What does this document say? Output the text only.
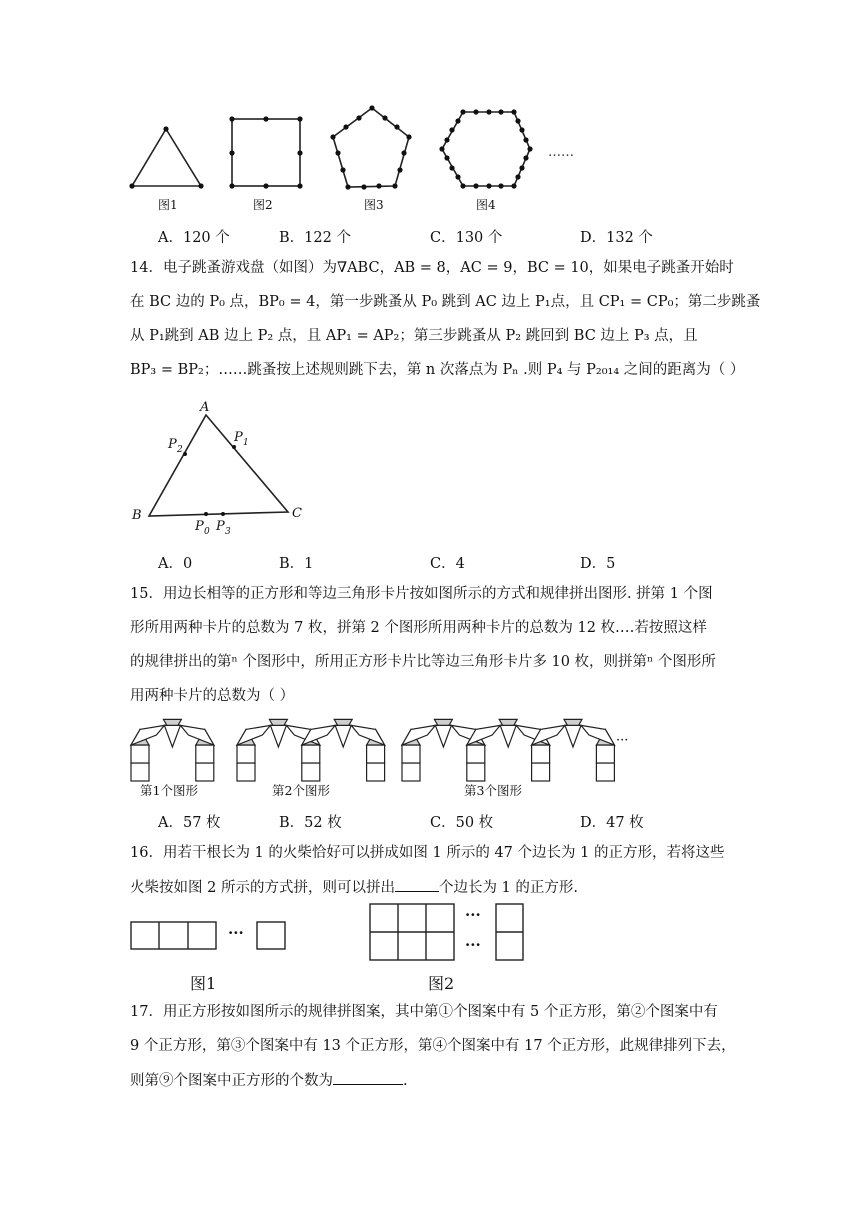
……
图1	图2	图3	图4
A．120 个	B．122 个	C．130 个	D．132 个
14．电子跳蚤游戏盘（如图）为∇ABC，AB = 8，AC = 9，BC = 10，如果电子跳蚤开始时
在 BC 边的 P₀ 点，BP₀ = 4，第一步跳蚤从 P₀ 跳到 AC 边上 P₁点，且 CP₁ = CP₀；第二步跳蚤
从 P₁跳到 AB 边上 P₂ 点，且 AP₁ = AP₂；第三步跳蚤从 P₂ 跳回到 BC 边上 P₃ 点，且
BP₃ = BP₂；……跳蚤按上述规则跳下去，第 n 次落点为 Pₙ .则 P₄ 与 P₂₀₁₄ 之间的距离为（ ）
A
B	C
P 2
P 1
P 0 P 3
A．0	B．1	C．4	D．5
15．用边长相等的正方形和等边三角形卡片按如图所示的方式和规律拼出图形. 拼第 1 个图
形所用两种卡片的总数为 7 枚，拼第 2 个图形所用两种卡片的总数为 12 枚‥‥若按照这样
的规律拼出的第ⁿ 个图形中，所用正方形卡片比等边三角形卡片多 10 枚，则拼第ⁿ 个图形所
用两种卡片的总数为（ ）
···
第1个图形	第2个图形	第3个图形
A．57 枚	B．52 枚	C．50 枚	D．47 枚
16．用若干根长为 1 的火柴恰好可以拼成如图 1 所示的 47 个边长为 1 的正方形，若将这些
火柴按如图 2 所示的方式拼，则可以拼出	个边长为 1 的正方形.
···
···
···
图1	图2
17．用正方形按如图所示的规律拼图案，其中第①个图案中有 5 个正方形，第②个图案中有
9 个正方形，第③个图案中有 13 个正方形，第④个图案中有 17 个正方形，此规律排列下去，
则第⑨个图案中正方形的个数为	.
